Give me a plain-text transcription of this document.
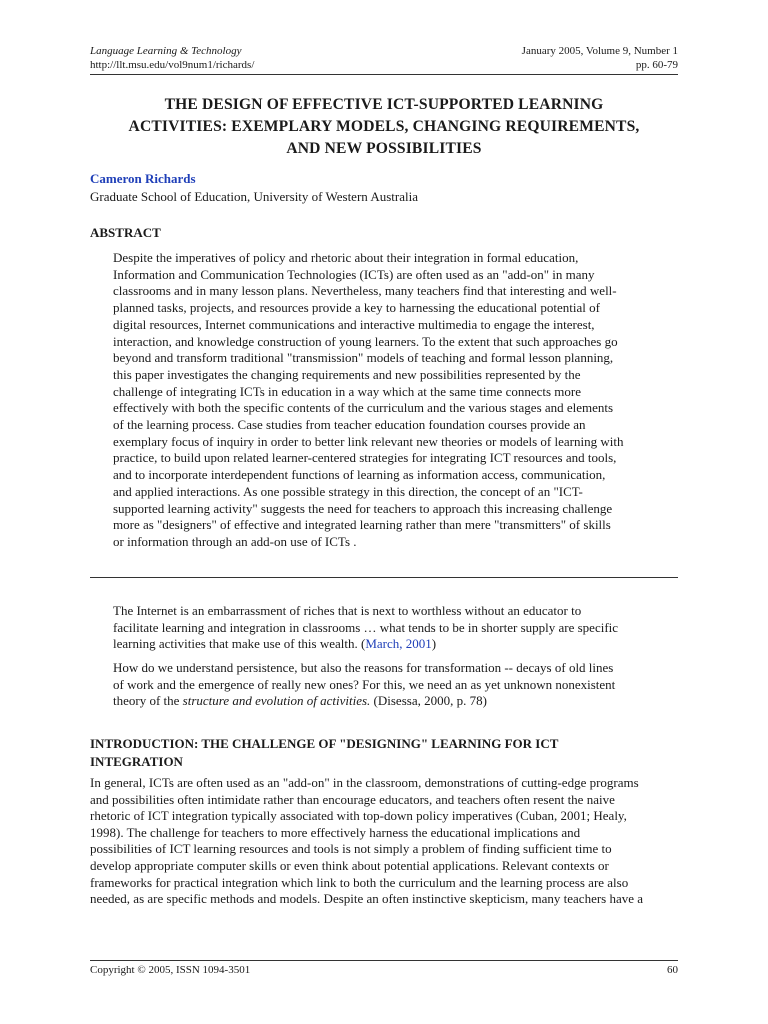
Language Learning & Technology	January 2005, Volume 9, Number 1
http://llt.msu.edu/vol9num1/richards/	pp. 60-79
THE DESIGN OF EFFECTIVE ICT-SUPPORTED LEARNING
ACTIVITIES: EXEMPLARY MODELS, CHANGING REQUIREMENTS,
AND NEW POSSIBILITIES
Cameron Richards
Graduate School of Education, University of Western Australia
ABSTRACT
Despite the imperatives of policy and rhetoric about their integration in formal education,
Information and Communication Technologies (ICTs) are often used as an "add-on" in many
classrooms and in many lesson plans. Nevertheless, many teachers find that interesting and well-
planned tasks, projects, and resources provide a key to harnessing the educational potential of
digital resources, Internet communications and interactive multimedia to engage the interest,
interaction, and knowledge construction of young learners. To the extent that such approaches go
beyond and transform traditional "transmission" models of teaching and formal lesson planning,
this paper investigates the changing requirements and new possibilities represented by the
challenge of integrating ICTs in education in a way which at the same time connects more
effectively with both the specific contents of the curriculum and the various stages and elements
of the learning process. Case studies from teacher education foundation courses provide an
exemplary focus of inquiry in order to better link relevant new theories or models of learning with
practice, to build upon related learner-centered strategies for integrating ICT resources and tools,
and to incorporate interdependent functions of learning as information access, communication,
and applied interactions. As one possible strategy in this direction, the concept of an "ICT-
supported learning activity" suggests the need for teachers to approach this increasing challenge
more as "designers" of effective and integrated learning rather than mere "transmitters" of skills
or information through an add-on use of ICTs .
The Internet is an embarrassment of riches that is next to worthless without an educator to
facilitate learning and integration in classrooms … what tends to be in shorter supply are specific
learning activities that make use of this wealth. (March, 2001)
How do we understand persistence, but also the reasons for transformation -- decays of old lines
of work and the emergence of really new ones? For this, we need an as yet unknown nonexistent
theory of the structure and evolution of activities. (Disessa, 2000, p. 78)
INTRODUCTION: THE CHALLENGE OF "DESIGNING" LEARNING FOR ICT
INTEGRATION
In general, ICTs are often used as an "add-on" in the classroom, demonstrations of cutting-edge programs
and possibilities often intimidate rather than encourage educators, and teachers often resent the naive
rhetoric of ICT integration typically associated with top-down policy imperatives (Cuban, 2001; Healy,
1998). The challenge for teachers to more effectively harness the educational implications and
possibilities of ICT learning resources and tools is not simply a problem of finding sufficient time to
develop appropriate computer skills or even think about potential applications. Relevant contexts or
frameworks for practical integration which link to both the curriculum and the learning process are also
needed, as are specific methods and models. Despite an often instinctive skepticism, many teachers have a
Copyright © 2005, ISSN 1094-3501	60
